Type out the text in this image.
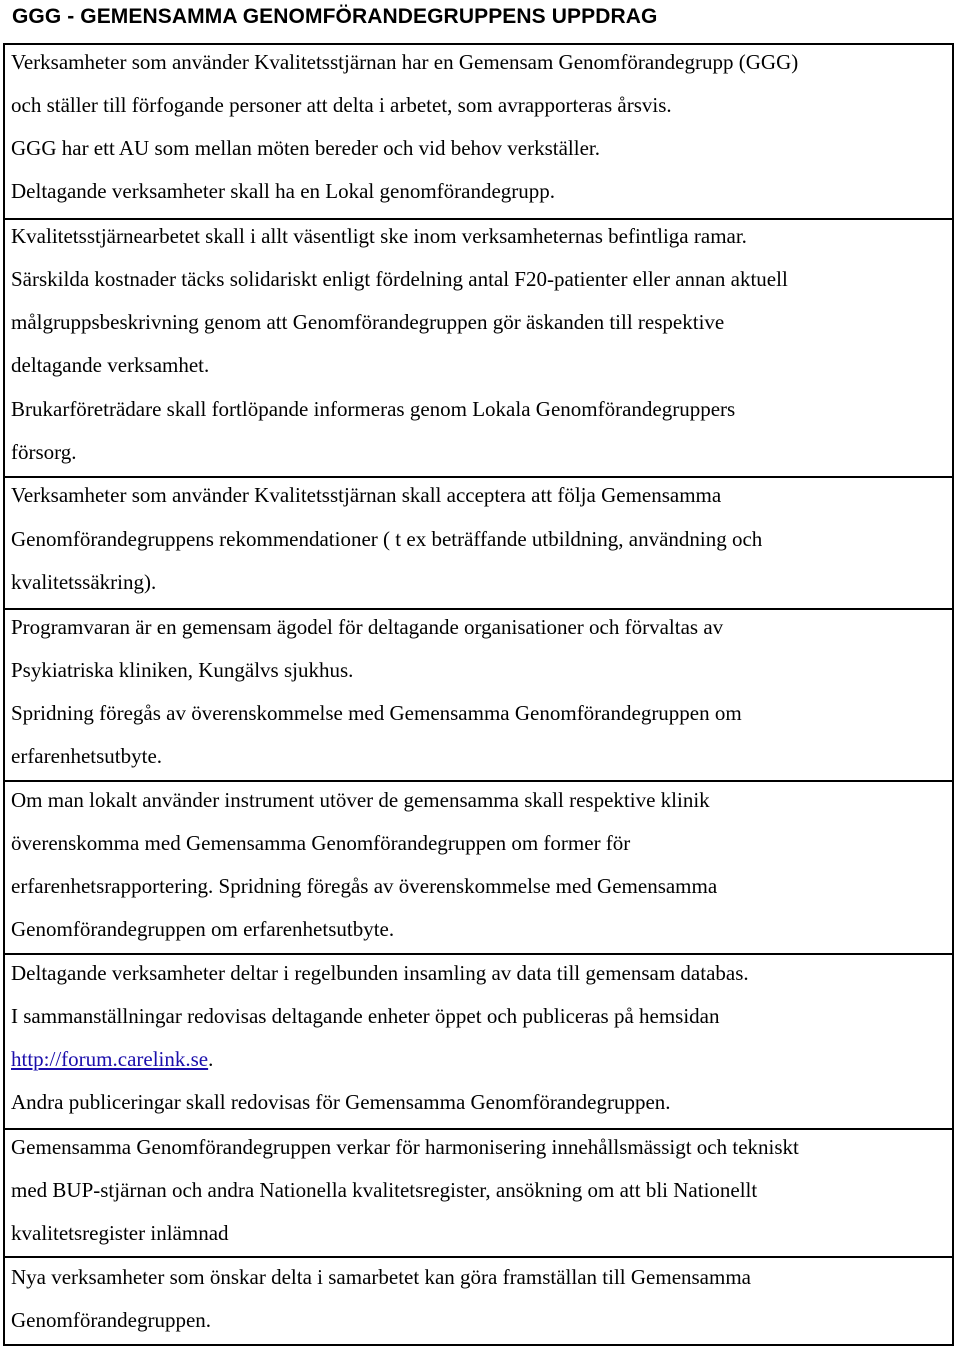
GGG - GEMENSAMMA GENOMFÖRANDEGRUPPENS UPPDRAG
Verksamheter som använder Kvalitetsstjärnan har en Gemensam Genomförandegrupp (GGG)
och ställer till förfogande personer att delta i arbetet, som avrapporteras årsvis.
GGG har ett AU som mellan möten bereder och vid behov verkställer.
Deltagande verksamheter skall ha en Lokal genomförandegrupp.
Kvalitetsstjärnearbetet skall i allt väsentligt ske inom verksamheternas befintliga ramar.
Särskilda kostnader täcks solidariskt enligt fördelning antal F20-patienter eller annan aktuell
målgruppsbeskrivning genom att Genomförandegruppen gör äskanden till respektive
deltagande verksamhet.
Brukarföreträdare skall fortlöpande informeras genom Lokala Genomförandegruppers
försorg.
Verksamheter som använder Kvalitetsstjärnan skall acceptera att följa Gemensamma
Genomförandegruppens rekommendationer ( t ex beträffande utbildning, användning och
kvalitetssäkring).
Programvaran är en gemensam ägodel för deltagande organisationer och förvaltas av
Psykiatriska kliniken, Kungälvs sjukhus.
Spridning föregås av överenskommelse med Gemensamma Genomförandegruppen om
erfarenhetsutbyte.
Om man lokalt använder instrument utöver de gemensamma skall respektive klinik
överenskomma med Gemensamma Genomförandegruppen om former för
erfarenhetsrapportering. Spridning föregås av överenskommelse med Gemensamma
Genomförandegruppen om erfarenhetsutbyte.
Deltagande verksamheter deltar i regelbunden insamling av data till gemensam databas.
I sammanställningar redovisas deltagande enheter öppet och publiceras på hemsidan
http://forum.carelink.se.
Andra publiceringar skall redovisas för Gemensamma Genomförandegruppen.
Gemensamma Genomförandegruppen verkar för harmonisering innehållsmässigt och tekniskt
med BUP-stjärnan och andra Nationella kvalitetsregister, ansökning om att bli Nationellt
kvalitetsregister inlämnad
Nya verksamheter som önskar delta i samarbetet kan göra framställan till Gemensamma
Genomförandegruppen.
